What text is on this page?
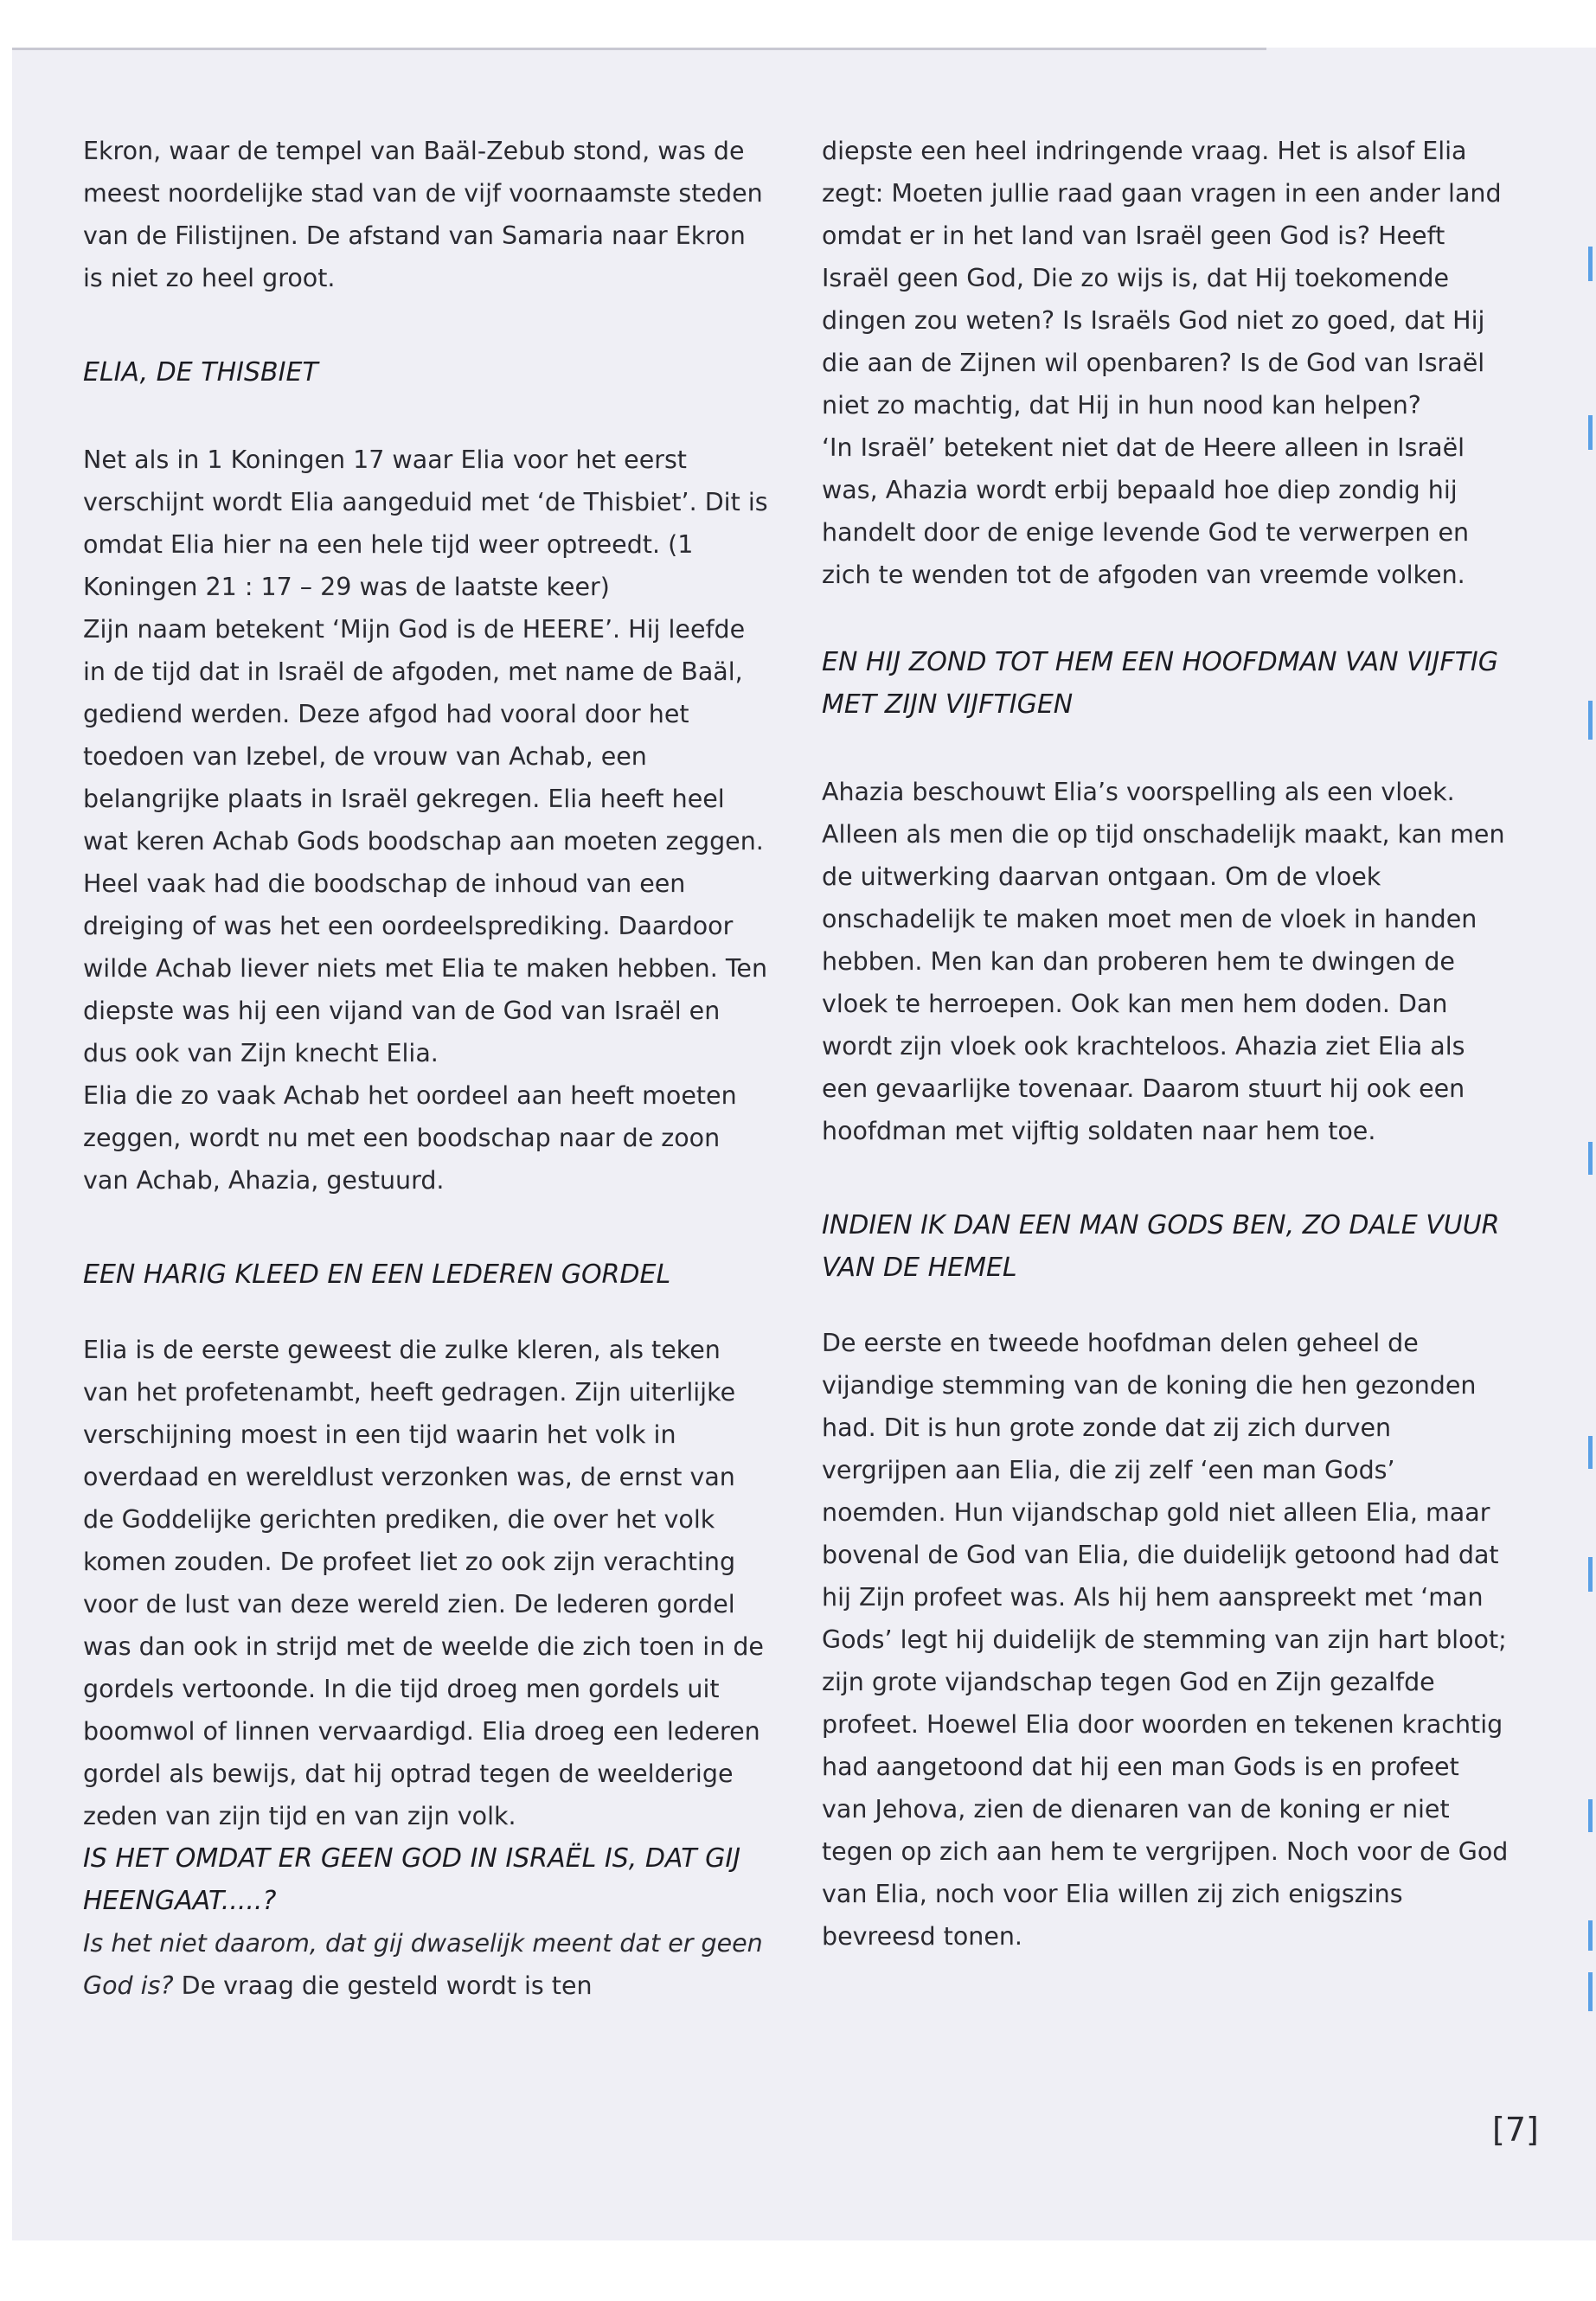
Ekron, waar de tempel van Baäl-Zebub stond, was de meest noordelijke stad van de vijf voornaamste steden van de Filistijnen. De afstand van Samaria naar Ekron is niet zo heel groot.

ELIA, DE THISBIET

Net als in 1 Koningen 17 waar Elia voor het eerst verschijnt wordt Elia aangeduid met ‘de Thisbiet’. Dit is omdat Elia hier na een hele tijd weer optreedt. (1 Koningen 21 : 17 – 29 was de laatste keer)

Zijn naam betekent ‘Mijn God is de HEERE’. Hij leefde in de tijd dat in Israël de afgoden, met name de Baäl, gediend werden. Deze afgod had vooral door het toedoen van Izebel, de vrouw van Achab, een belangrijke plaats in Israël gekregen. Elia heeft heel wat keren Achab Gods boodschap aan moeten zeggen. Heel vaak had die boodschap de inhoud van een dreiging of was het een oordeelsprediking. Daardoor wilde Achab liever niets met Elia te maken hebben. Ten diepste was hij een vijand van de God van Israël en dus ook van Zijn knecht Elia.

Elia die zo vaak Achab het oordeel aan heeft moeten zeggen, wordt nu met een boodschap naar de zoon van Achab, Ahazia, gestuurd.

EEN HARIG KLEED EN EEN LEDEREN GORDEL

Elia is de eerste geweest die zulke kleren, als teken van het profetenambt, heeft gedragen. Zijn uiterlijke verschijning moest in een tijd waarin het volk in overdaad en wereldlust verzonken was, de ernst van de Goddelijke gerichten prediken, die over het volk komen zouden. De profeet liet zo ook zijn verachting voor de lust van deze wereld zien. De lederen gordel was dan ook in strijd met de weelde die zich toen in de gordels vertoonde. In die tijd droeg men gordels uit boomwol of linnen vervaardigd. Elia droeg een lederen gordel als bewijs, dat hij optrad tegen de weelderige zeden van zijn tijd en van zijn volk.

IS HET OMDAT ER GEEN GOD IN ISRAËL IS, DAT GIJ HEENGAAT.....?

Is het niet daarom, dat gij dwaselijk meent dat er geen God is? De vraag die gesteld wordt is ten

diepste een heel indringende vraag. Het is alsof Elia zegt: Moeten jullie raad gaan vragen in een ander land omdat er in het land van Israël geen God is? Heeft Israël geen God, Die zo wijs is, dat Hij toekomende dingen zou weten? Is Israëls God niet zo goed, dat Hij die aan de Zijnen wil openbaren? Is de God van Israël niet zo machtig, dat Hij in hun nood kan helpen?

‘In Israël’ betekent niet dat de Heere alleen in Israël was, Ahazia wordt erbij bepaald hoe diep zondig hij handelt door de enige levende God te verwerpen en zich te wenden tot de afgoden van vreemde volken.

EN HIJ ZOND TOT HEM EEN HOOFDMAN VAN VIJFTIG MET ZIJN VIJFTIGEN

Ahazia beschouwt Elia’s voorspelling als een vloek. Alleen als men die op tijd onschadelijk maakt, kan men de uitwerking daarvan ontgaan. Om de vloek onschadelijk te maken moet men de vloek in handen hebben. Men kan dan proberen hem te dwingen de vloek te herroepen. Ook kan men hem doden. Dan wordt zijn vloek ook krachteloos. Ahazia ziet Elia als een gevaarlijke tovenaar. Daarom stuurt hij ook een hoofdman met vijftig soldaten naar hem toe.

INDIEN IK DAN EEN MAN GODS BEN, ZO DALE VUUR VAN DE HEMEL

De eerste en tweede hoofdman delen geheel de vijandige stemming van de koning die hen gezonden had. Dit is hun grote zonde dat zij zich durven vergrijpen aan Elia, die zij zelf ‘een man Gods’ noemden. Hun vijandschap gold niet alleen Elia, maar bovenal de God van Elia, die duidelijk getoond had dat hij Zijn profeet was. Als hij hem aanspreekt met ‘man Gods’ legt hij duidelijk de stemming van zijn hart bloot; zijn grote vijandschap tegen God en Zijn gezalfde profeet. Hoewel Elia door woorden en tekenen krachtig had aangetoond dat hij een man Gods is en profeet van Jehova, zien de dienaren van de koning er niet tegen op zich aan hem te vergrijpen. Noch voor de God van Elia, noch voor Elia willen zij zich enigszins bevreesd tonen.

[7]
